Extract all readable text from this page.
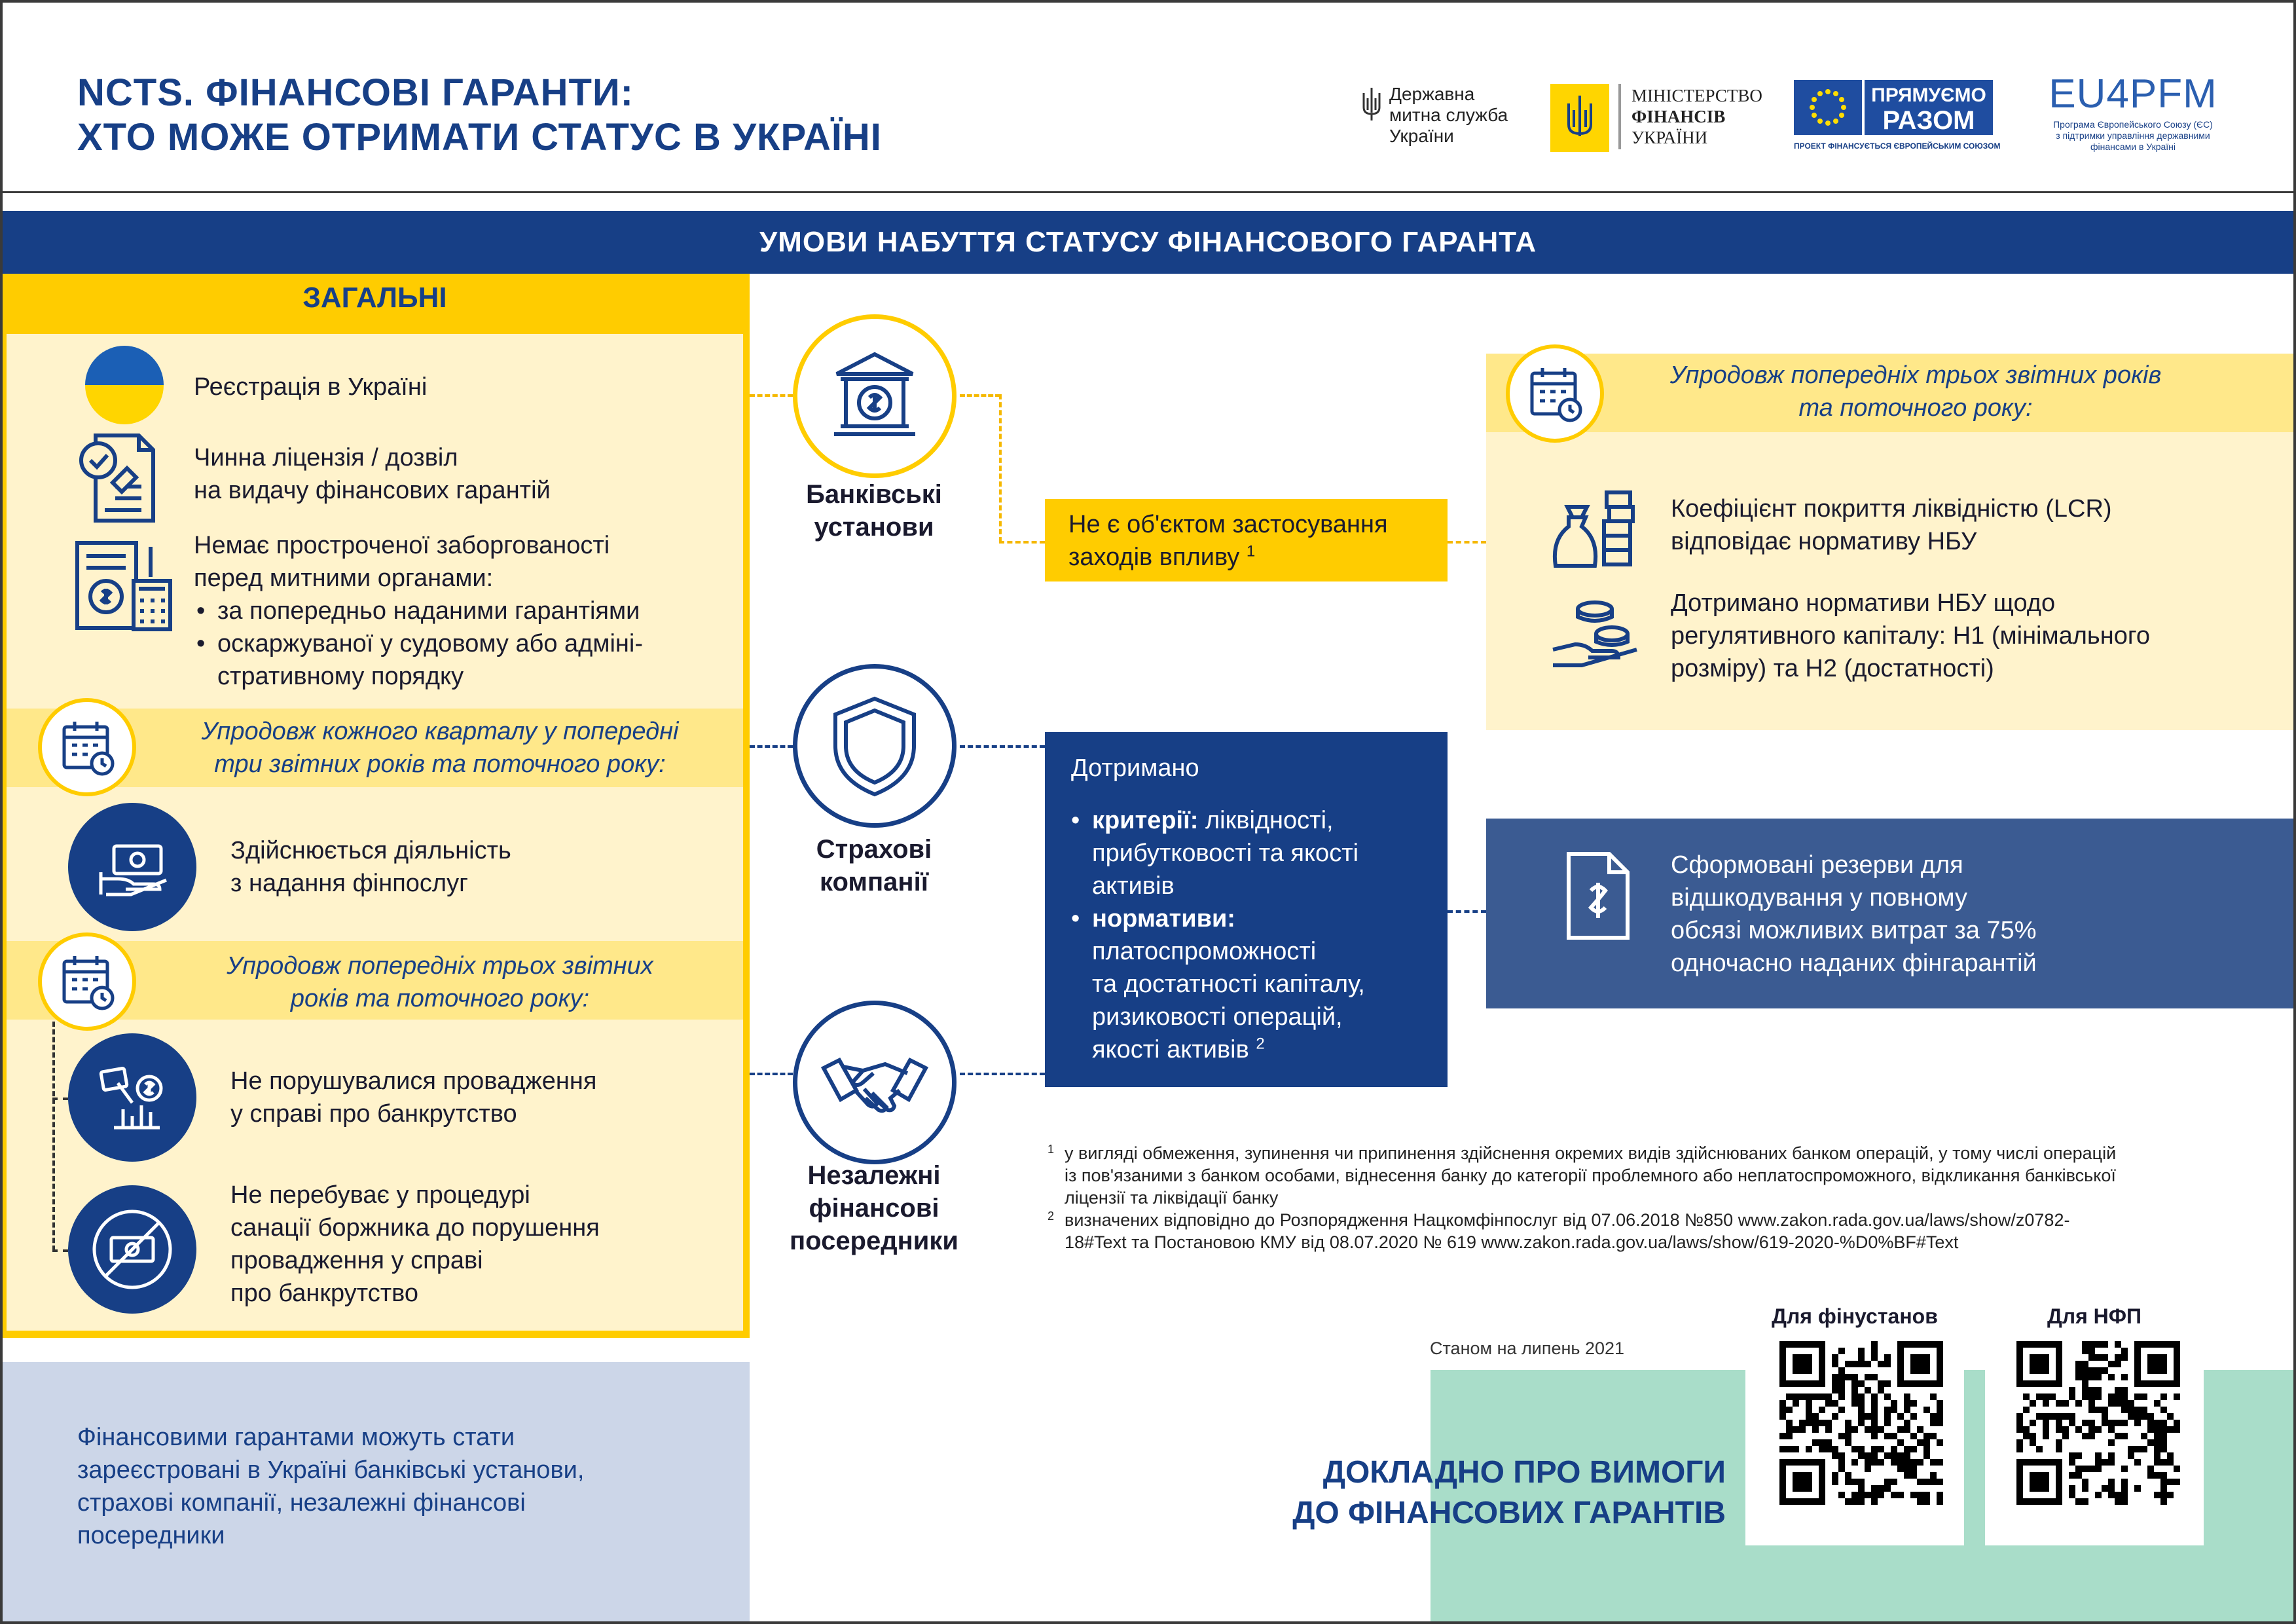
NCTS. ФІНАНСОВІ ГАРАНТИ:
ХТО МОЖЕ ОТРИМАТИ СТАТУС В УКРАЇНІ
Державна
митна служба
України
МІНІСТЕРСТВО
ФІНАНСІВ
УКРАЇНИ
ПРЯМУЄМО
РАЗОМ
ПРОЕКТ ФІНАНСУЄТЬСЯ ЄВРОПЕЙСЬКИМ СОЮЗОМ
EU4PFM
Програма Європейського Союзу (ЄС)
з підтримки управління державними
фінансами в Україні
УМОВИ НАБУТТЯ СТАТУСУ ФІНАНСОВОГО ГАРАНТА
ЗАГАЛЬНІ
Реєстрація в Україні
Чинна ліцензія / дозвіл
на видачу фінансових гарантій
Немає простроченої заборгованості
перед митними органами:
• за попередньо наданими гарантіями
• оскаржуваної у судовому або адміні-
стративному порядку
Упродовж кожного кварталу у попередні
три звітних років та поточного року:
Здійснюється діяльність
з надання фінпослуг
Упродовж попередніх трьох звітних
років та поточного року:
Не порушувалися провадження
у справі про банкрутство
Не перебуває у процедурі
санації боржника до порушення
провадження у справі
про банкрутство
Фінансовими гарантами можуть стати
зареєстровані в Україні банківські установи,
страхові компанії, незалежні фінансові
посередники
Банківські
установи
Страхові
компанії
Незалежні
фінансові
посередники
Не є об'єктом застосування
заходів впливу $^1$
Дотримано
• критерії: ліквідності,
прибутковості та якості
активів
• нормативи:
платоспроможності
та достатності капіталу,
ризиковості операцій,
якості активів $^2$
Упродовж попередніх трьох звітних років
та поточного року:
Коефіцієнт покриття ліквідністю (LCR)
відповідає нормативу НБУ
Дотримано нормативи НБУ щодо
регулятивного капіталу: Н1 (мінімального
розміру) та Н2 (достатності)
Сформовані резерви для
відшкодування у повному
обсязі можливих витрат за 75%
одночасно наданих фінгарантій
1 у вигляді обмеження, зупинення чи припинення здійснення окремих видів здійснюваних банком операцій, у тому числі операцій
із пов'язаними з банком особами, віднесення банку до категорії проблемного або неплатоспроможного, відкликання банківської
ліцензії та ліквідації банку
2 визначених відповідно до Розпорядження Нацкомфінпослуг від 07.06.2018 №850 www.zakon.rada.gov.ua/laws/show/z0782-
18#Text та Постановою КМУ від 08.07.2020 № 619 www.zakon.rada.gov.ua/laws/show/619-2020-%D0%BF#Text
Станом на липень 2021
ДОКЛАДНО ПРО ВИМОГИ
ДО ФІНАНСОВИХ ГАРАНТІВ
Для фінустанов	Для НФП
